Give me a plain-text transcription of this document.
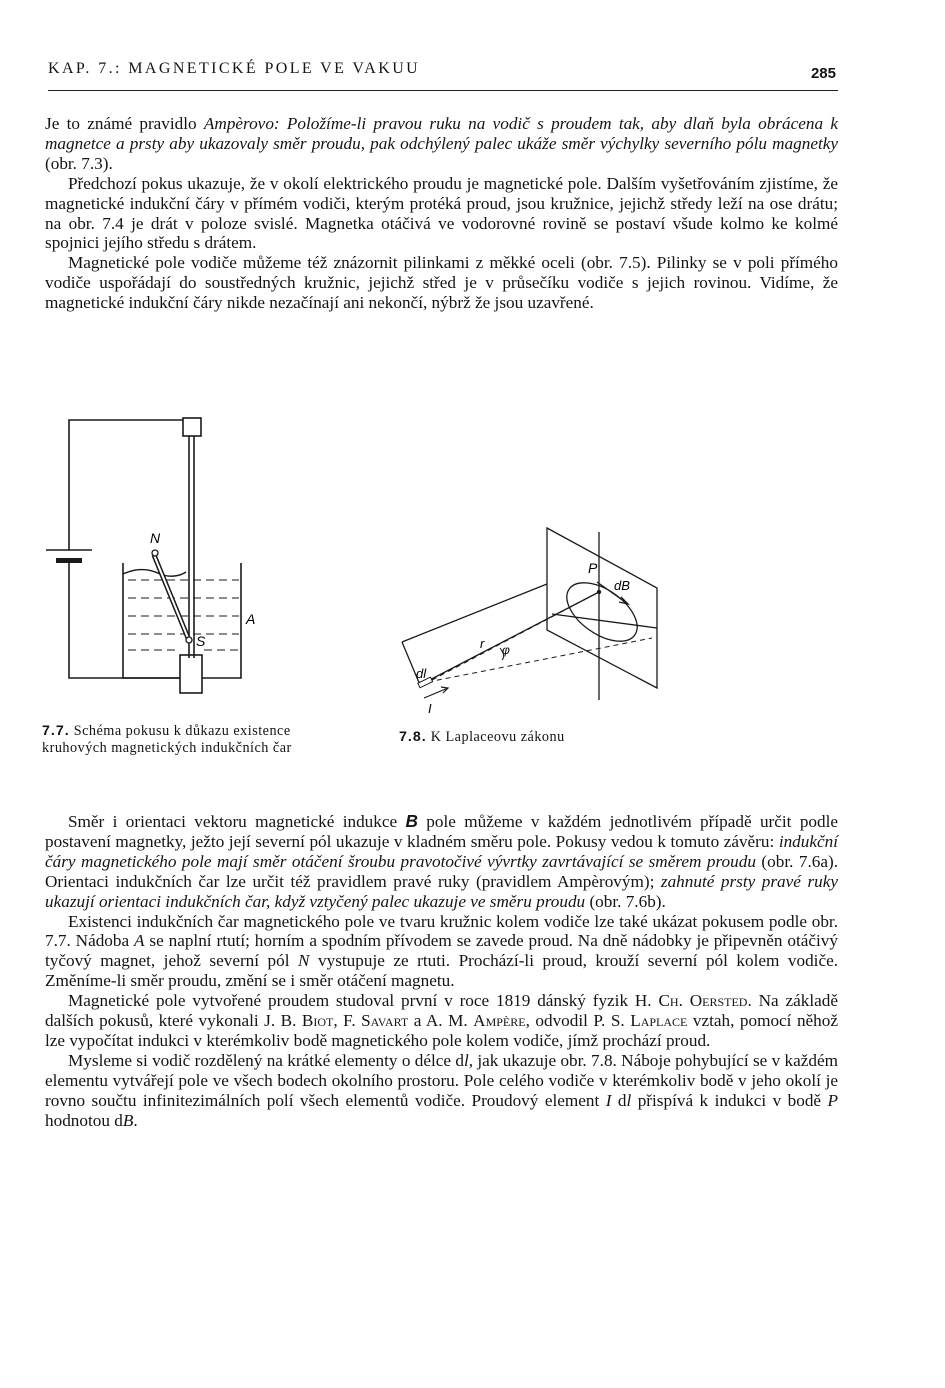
KAP. 7.: MAGNETICKÉ POLE VE VAKUU	285

Je to známé pravidlo Ampèrovo: Položíme-li pravou ruku na vodič s proudem tak, aby dlaň byla obrácena k magnetce a prsty aby ukazovaly směr proudu, pak odchýlený palec ukáže směr výchylky severního pólu magnetky (obr. 7.3).

Předchozí pokus ukazuje, že v okolí elektrického proudu je magnetické pole. Dalším vyšetřováním zjistíme, že magnetické indukční čáry v přímém vodiči, kterým protéká proud, jsou kružnice, jejichž středy leží na ose drátu; na obr. 7.4 je drát v poloze svislé. Magnetka otáčivá ve vodorovné rovině se postaví všude kolmo ke kolmé spojnici jejího středu s drátem.

Magnetické pole vodiče můžeme též znázornit pilinkami z měkké oceli (obr. 7.5). Pilinky se v poli přímého vodiče uspořádají do soustředných kružnic, jejichž střed je v průsečíku vodiče s jejich rovinou. Vidíme, že magnetické indukční čáry nikde nezačínají ani nekončí, nýbrž že jsou uzavřené.

N
S
A
7.7. Schéma pokusu k důkazu existence
kruhových magnetických indukčních čar
P
dB
r φ
dl
I
7.8. K Laplaceovu zákonu

Směr i orientaci vektoru magnetické indukce B pole můžeme v každém jednotlivém případě určit podle postavení magnetky, ježto její severní pól ukazuje v kladném směru pole. Pokusy vedou k tomuto závěru: indukční čáry magnetického pole mají směr otáčení šroubu pravotočivé vývrtky zavrtávající se směrem proudu (obr. 7.6a). Orientaci indukčních čar lze určit též pravidlem pravé ruky (pravidlem Ampèrovým); zahnuté prsty pravé ruky ukazují orientaci indukčních čar, když vztyčený palec ukazuje ve směru proudu (obr. 7.6b).

Existenci indukčních čar magnetického pole ve tvaru kružnic kolem vodiče lze také ukázat pokusem podle obr. 7.7. Nádoba A se naplní rtutí; horním a spodním přívodem se zavede proud. Na dně nádobky je připevněn otáčivý tyčový magnet, jehož severní pól N vystupuje ze rtuti. Prochází-li proud, krouží severní pól kolem vodiče. Změníme-li směr proudu, změní se i směr otáčení magnetu.

Magnetické pole vytvořené proudem studoval první v roce 1819 dánský fyzik H. Ch. Oersted. Na základě dalších pokusů, které vykonali J. B. Biot, F. Savart a A. M. Ampère, odvodil P. S. Laplace vztah, pomocí něhož lze vypočítat indukci v kterémkoliv bodě magnetického pole kolem vodiče, jímž prochází proud.

Mysleme si vodič rozdělený na krátké elementy o délce dl, jak ukazuje obr. 7.8. Náboje pohybující se v každém elementu vytvářejí pole ve všech bodech okolního prostoru. Pole celého vodiče v kterémkoliv bodě v jeho okolí je rovno součtu infinitezimálních polí všech elementů vodiče. Proudový element I dl přispívá k indukci v bodě P hodnotou dB.
